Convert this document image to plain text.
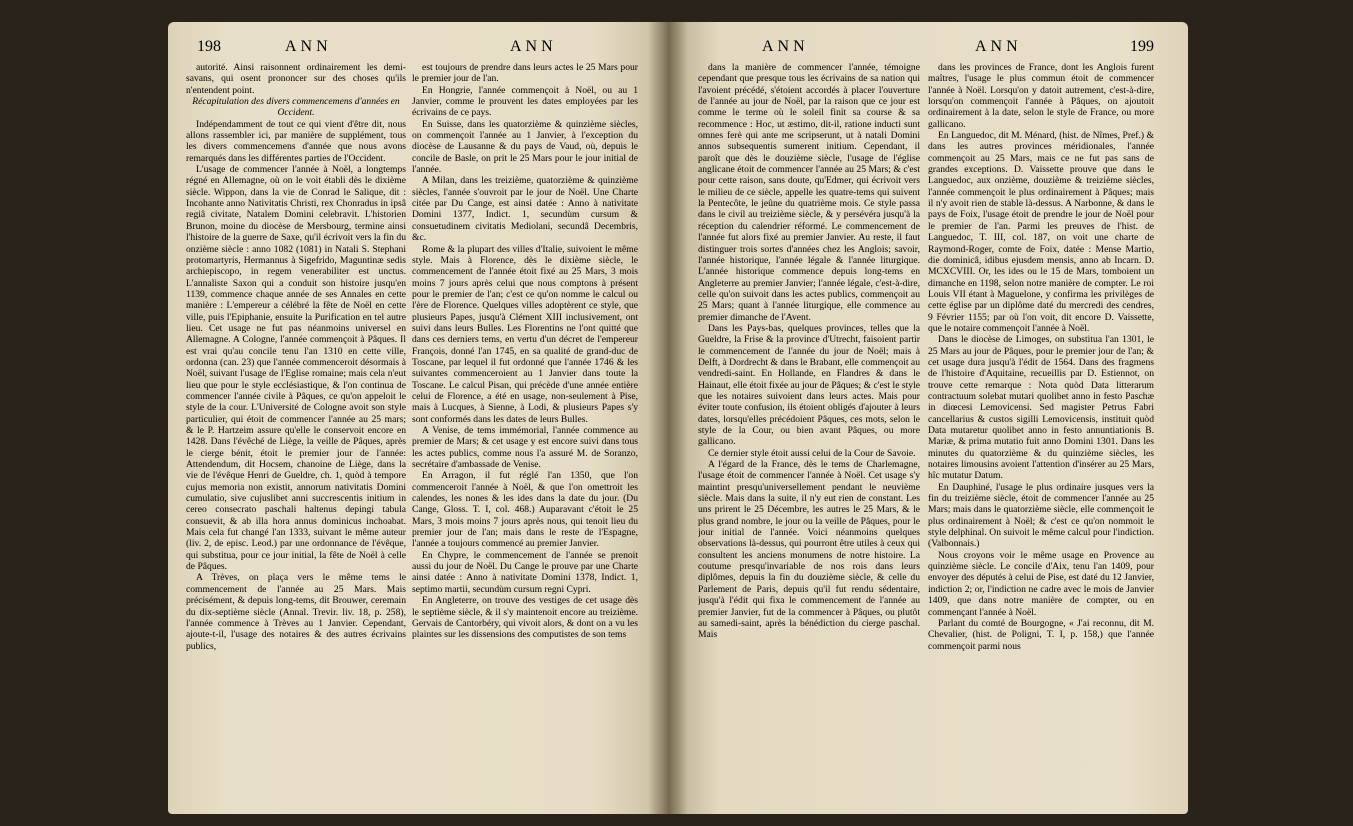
198	ANN	ANN	ANN	ANN	199

autorité. Ainsi raisonnent ordinairement les demi-savans, qui osent prononcer sur des choses qu'ils n'entendent point.

Récapitulation des divers commencemens d'années en Occident.

Indépendamment de tout ce qui vient d'être dit, nous allons rassembler ici, par manière de supplément, tous les divers commencemens d'année que nous avons remarqués dans les différentes parties de l'Occident.

L'usage de commencer l'année à Noël, a longtemps régné en Allemagne, où on le voit établi dès le dixième siècle. Wippon, dans la vie de Conrad le Salique, dit : Incohante anno Nativitatis Christi, rex Chonradus in ipsâ regiâ civitate, Natalem Domini celebravit. L'historien Brunon, moine du diocèse de Mersbourg, termine ainsi l'histoire de la guerre de Saxe, qu'il écrivoit vers la fin du onzième siècle : anno 1082 (1081) in Natali S. Stephani protomartyris, Hermannus à Sigefrido, Maguntinæ sedis archiepiscopo, in regem venerabiliter est unctus. L'annaliste Saxon qui a conduit son histoire jusqu'en 1139, commence chaque année de ses Annales en cette manière : L'empereur a célébré la fête de Noël en cette ville, puis l'Epiphanie, ensuite la Purification en tel autre lieu. Cet usage ne fut pas néanmoins universel en Allemagne. A Cologne, l'année commençoit à Pâques. Il est vrai qu'au concile tenu l'an 1310 en cette ville, ordonna (can. 23) que l'année commenceroit désormais à Noël, suivant l'usage de l'Eglise romaine; mais cela n'eut lieu que pour le style ecclésiastique, & l'on continua de commencer l'année civile à Pâques, ce qu'on appeloit le style de la cour. L'Université de Cologne avoit son style particulier, qui étoit de commencer l'année au 25 mars; & le P. Hartzeim assure qu'elle le conservoit encore en 1428. Dans l'évêché de Liège, la veille de Pâques, après le cierge bénit, étoit le premier jour de l'année: Attendendum, dit Hocsem, chanoine de Liège, dans la vie de l'évêque Henri de Gueldre, ch. 1, quòd à tempore cujus memoria non existit, annorum nativitatis Domini cumulatio, sive cujuslibet anni succrescentis initium in cereo consecrato paschali haltenus depingi tabula consuevit, & ab illa hora annus dominicus inchoabat. Mais cela fut changé l'an 1333, suivant le même auteur (liv. 2, de episc. Leod.) par une ordonnance de l'évêque, qui substitua, pour ce jour initial, la fête de Noël à celle de Pâques.

A Trèves, on plaça vers le même tems le commencement de l'année au 25 Mars. Mais précisément, & depuis long-tems, dit Brouwer, ceremain du dix-septième siècle (Annal. Trevir. liv. 18, p. 258), l'année commence à Trèves au 1 Janvier. Cependant, ajoute-t-il, l'usage des notaires & des autres écrivains publics,

est toujours de prendre dans leurs actes le 25 Mars pour le premier jour de l'an.

En Hongrie, l'année commençoit à Noël, ou au 1 Janvier, comme le prouvent les dates employées par les écrivains de ce pays.

En Suisse, dans les quatorzième & quinzième siècles, on commençoit l'année au 1 Janvier, à l'exception du diocèse de Lausanne & du pays de Vaud, où, depuis le concile de Basle, on prit le 25 Mars pour le jour initial de l'année.

A Milan, dans les treizième, quatorzième & quinzième siècles, l'année s'ouvroit par le jour de Noël. Une Charte citée par Du Cange, est ainsi datée : Anno à nativitate Domini 1377, Indict. 1, secundùm cursum & consuetudinem civitatis Mediolani, secundâ Decembris, &c.

Rome & la plupart des villes d'Italie, suivoient le même style. Mais à Florence, dès le dixième siècle, le commencement de l'année étoit fixé au 25 Mars, 3 mois moins 7 jours après celui que nous comptons à présent pour le premier de l'an; c'est ce qu'on nomme le calcul ou l'ère de Florence. Quelques villes adoptèrent ce style, que plusieurs Papes, jusqu'à Clément XIII inclusivement, ont suivi dans leurs Bulles. Les Florentins ne l'ont quitté que dans ces derniers tems, en vertu d'un décret de l'empereur François, donné l'an 1745, en sa qualité de grand-duc de Toscane, par lequel il fut ordonné que l'année 1746 & les suivantes commenceroient au 1 Janvier dans toute la Toscane. Le calcul Pisan, qui précède d'une année entière celui de Florence, a été en usage, non-seulement à Pise, mais à Lucques, à Sienne, à Lodi, & plusieurs Papes s'y sont conformés dans les dates de leurs Bulles.

A Venise, de tems immémorial, l'année commence au premier de Mars; & cet usage y est encore suivi dans tous les actes publics, comme nous l'a assuré M. de Soranzo, secrétaire d'ambassade de Venise.

En Arragon, il fut réglé l'an 1350, que l'on commenceroit l'année à Noël, & que l'on omettroit les calendes, les nones & les ides dans la date du jour. (Du Cange, Gloss. T. I, col. 468.) Auparavant c'étoit le 25 Mars, 3 mois moins 7 jours après nous, qui tenoit lieu du premier jour de l'an; mais dans le reste de l'Espagne, l'année a toujours commencé au premier Janvier.

En Chypre, le commencement de l'année se prenoit aussi du jour de Noël. Du Cange le prouve par une Charte ainsi datée : Anno à nativitate Domini 1378, Indict. 1, septimo martii, secundùm cursum regni Cypri.

En Angleterre, on trouve des vestiges de cet usage dès le septième siècle, & il s'y maintenoit encore au treizième. Gervais de Cantorbéry, qui vivoit alors, & dont on a vu les plaintes sur les dissensions des computistes de son tems

dans la manière de commencer l'année, témoigne cependant que presque tous les écrivains de sa nation qui l'avoient précédé, s'étoient accordés à placer l'ouverture de l'année au jour de Noël, par la raison que ce jour est comme le terme où le soleil finit sa course & sa recommence : Hoc, ut æstimo, dit-il, ratione inducti sunt omnes ferè qui ante me scripserunt, ut à natali Domini annos subsequentis sumerent initium. Cependant, il paroît que dès le douzième siècle, l'usage de l'église anglicane étoit de commencer l'année au 25 Mars; & c'est pour cette raison, sans doute, qu'Edmer, qui écrivoit vers le milieu de ce siècle, appelle les quatre-tems qui suivent la Pentecôte, le jeûne du quatrième mois. Ce style passa dans le civil au treizième siècle, & y persévéra jusqu'à la réception du calendrier réformé. Le commencement de l'année fut alors fixé au premier Janvier. Au reste, il faut distinguer trois sortes d'années chez les Anglois; savoir, l'année historique, l'année légale & l'année liturgique. L'année historique commence depuis long-tems en Angleterre au premier Janvier; l'année légale, c'est-à-dire, celle qu'on suivoit dans les actes publics, commençoit au 25 Mars; quant à l'année liturgique, elle commence au premier dimanche de l'Avent.

Dans les Pays-bas, quelques provinces, telles que la Gueldre, la Frise & la province d'Utrecht, faisoient partir le commencement de l'année du jour de Noël; mais à Delft, à Dordrecht & dans le Brabant, elle commençoit au vendredi-saint. En Hollande, en Flandres & dans le Hainaut, elle étoit fixée au jour de Pâques; & c'est le style que les notaires suivoient dans leurs actes. Mais pour éviter toute confusion, ils étoient obligés d'ajouter à leurs dates, lorsqu'elles précédoient Pâques, ces mots, selon le style de la Cour, ou bien avant Pâques, ou more gallicano.

Ce dernier style étoit aussi celui de la Cour de Savoie.

A l'égard de la France, dès le tems de Charlemagne, l'usage étoit de commencer l'année à Noël. Cet usage s'y maintint presqu'universellement pendant le neuvième siècle. Mais dans la suite, il n'y eut rien de constant. Les uns prirent le 25 Décembre, les autres le 25 Mars, & le plus grand nombre, le jour ou la veille de Pâques, pour le jour initial de l'année. Voici néanmoins quelques observations là-dessus, qui pourront être utiles à ceux qui consultent les anciens monumens de notre histoire. La coutume presqu'invariable de nos rois dans leurs diplômes, depuis la fin du douzième siècle, & celle du Parlement de Paris, depuis qu'il fut rendu sédentaire, jusqu'à l'édit qui fixa le commencement de l'année au premier Janvier, fut de la commencer à Pâques, ou plutôt au samedi-saint, après la bénédiction du cierge paschal. Mais

dans les provinces de France, dont les Anglois furent maîtres, l'usage le plus commun étoit de commencer l'année à Noël. Lorsqu'on y datoit autrement, c'est-à-dire, lorsqu'on commençoit l'année à Pâques, on ajoutoit ordinairement à la date, selon le style de France, ou more gallicano.

En Languedoc, dit M. Ménard, (hist. de Nîmes, Pref.) & dans les autres provinces méridionales, l'année commençoit au 25 Mars, mais ce ne fut pas sans de grandes exceptions. D. Vaissette prouve que dans le Languedoc, aux onzième, douzième & treizième siècles, l'année commençoit le plus ordinairement à Pâques; mais il n'y avoit rien de stable là-dessus. A Narbonne, & dans le pays de Foix, l'usage étoit de prendre le jour de Noël pour le premier de l'an. Parmi les preuves de l'hist. de Languedoc, T. III, col. 187, on voit une charte de Raymond-Roger, comte de Foix, datée : Mense Martio, die dominicâ, idibus ejusdem mensis, anno ab Incarn. D. MCXCVIII. Or, les ides ou le 15 de Mars, tomboient un dimanche en 1198, selon notre manière de compter. Le roi Louis VII étant à Maguelone, y confirma les privilèges de cette église par un diplôme daté du mercredi des cendres, 9 Février 1155; par où l'on voit, dit encore D. Vaissette, que le notaire commençoit l'année à Noël.

Dans le diocèse de Limoges, on substitua l'an 1301, le 25 Mars au jour de Pâques, pour le premier jour de l'an; & cet usage dura jusqu'à l'édit de 1564. Dans des fragmens de l'histoire d'Aquitaine, recueillis par D. Estiennot, on trouve cette remarque : Nota quòd Data litterarum contractuum solebat mutari quolibet anno in festo Paschæ in diœcesi Lemovicensi. Sed magister Petrus Fabri cancellarius & custos sigilli Lemovicensis, instituit quòd Data mutaretur quolibet anno in festo annuntiationis B. Mariæ, & prima mutatio fuit anno Domini 1301. Dans les minutes du quatorzième & du quinzième siècles, les notaires limousins avoient l'attention d'insérer au 25 Mars, hîc mutatur Datum.

En Dauphiné, l'usage le plus ordinaire jusques vers la fin du treizième siècle, étoit de commencer l'année au 25 Mars; mais dans le quatorzième siècle, elle commençoit le plus ordinairement à Noël; & c'est ce qu'on nommoit le style delphinal. On suivoit le même calcul pour l'indiction. (Valbonnais.)

Nous croyons voir le même usage en Provence au quinzième siècle. Le concile d'Aix, tenu l'an 1409, pour envoyer des députés à celui de Pise, est daté du 12 Janvier, indiction 2; or, l'indiction ne cadre avec le mois de Janvier 1409, que dans notre manière de compter, ou en commençant l'année à Noël.

Parlant du comté de Bourgogne, « J'ai reconnu, dit M. Chevalier, (hist. de Poligni, T. I, p. 158,) que l'année commençoit parmi nous
